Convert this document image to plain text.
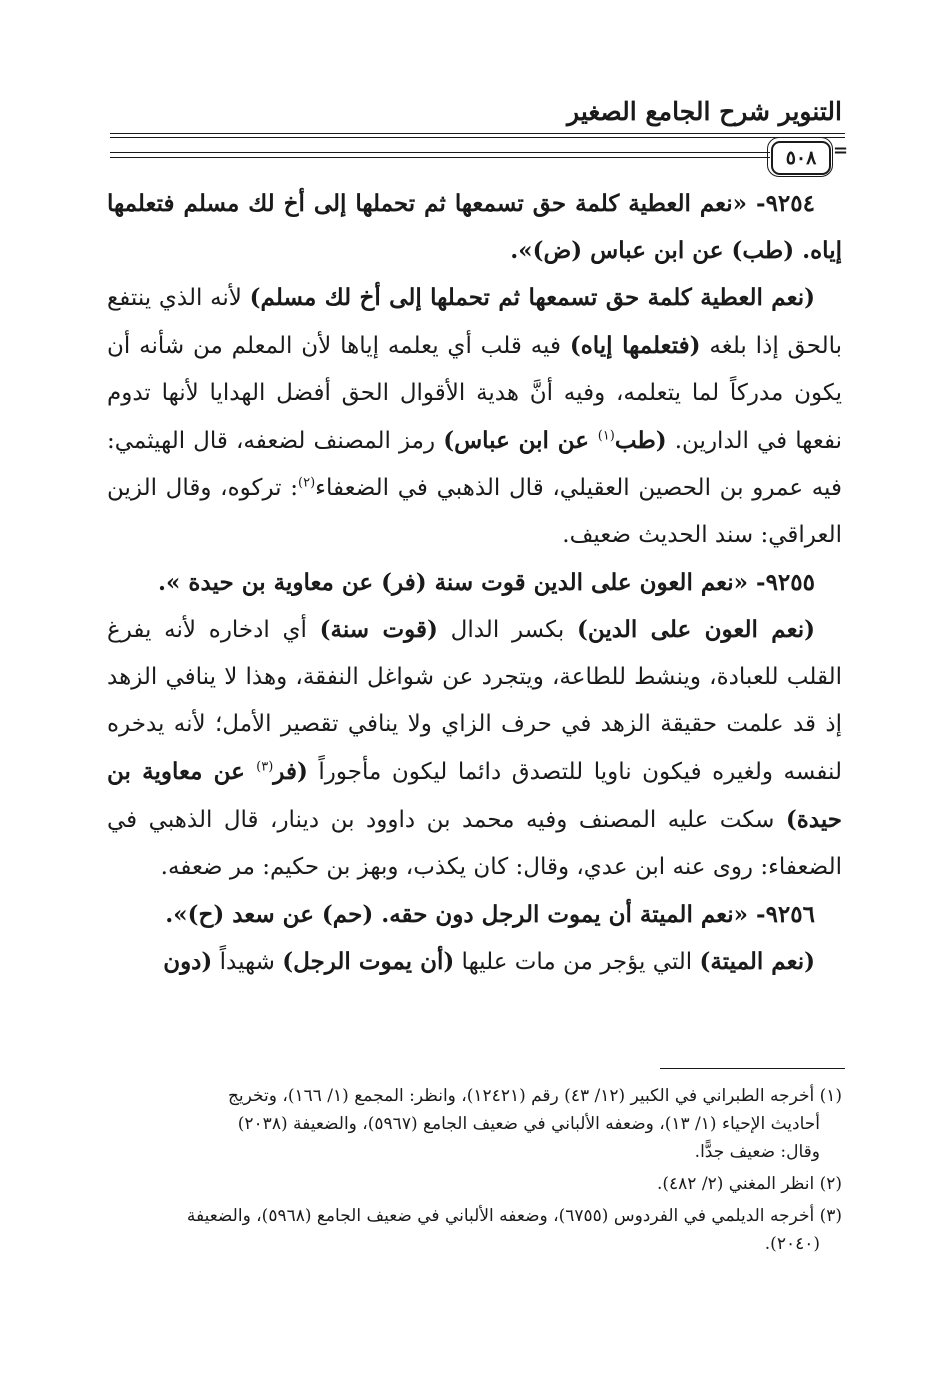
التنوير شرح الجامع الصغير
٥٠٨ =

٩٢٥٤- «نعم العطية كلمة حق تسمعها ثم تحملها إلى أخ لك مسلم فتعلمها إياه. (طب) عن ابن عباس (ض)».

(نعم العطية كلمة حق تسمعها ثم تحملها إلى أخ لك مسلم) لأنه الذي ينتفع بالحق إذا بلغه (فتعلمها إياه) فيه قلب أي يعلمه إياها لأن المعلم من شأنه أن يكون مدركاً لما يتعلمه، وفيه أنَّ هدية الأقوال الحق أفضل الهدايا لأنها تدوم نفعها في الدارين. (طب$^{(١)}$ عن ابن عباس) رمز المصنف لضعفه، قال الهيثمي: فيه عمرو بن الحصين العقيلي، قال الذهبي في الضعفاء$^{(٢)}$: تركوه، وقال الزين العراقي: سند الحديث ضعيف.

٩٢٥٥- «نعم العون على الدين قوت سنة (فر) عن معاوية بن حيدة ».

(نعم العون على الدين) بكسر الدال (قوت سنة) أي ادخاره لأنه يفرغ القلب للعبادة، وينشط للطاعة، ويتجرد عن شواغل النفقة، وهذا لا ينافي الزهد إذ قد علمت حقيقة الزهد في حرف الزاي ولا ينافي تقصير الأمل؛ لأنه يدخره لنفسه ولغيره فيكون ناويا للتصدق دائما ليكون مأجوراً (فر$^{(٣)}$ عن معاوية بن حيدة) سكت عليه المصنف وفيه محمد بن داوود بن دينار، قال الذهبي في الضعفاء: روى عنه ابن عدي، وقال: كان يكذب، وبهز بن حكيم: مر ضعفه.

٩٢٥٦- «نعم الميتة أن يموت الرجل دون حقه. (حم) عن سعد (ح)».

(نعم الميتة) التي يؤجر من مات عليها (أن يموت الرجل) شهيداً (دون

(١) أخرجه الطبراني في الكبير (١٢/ ٤٣) رقم (١٢٤٢١)، وانظر: المجمع (١/ ١٦٦)، وتخريج
أحاديث الإحياء (١/ ١٣)، وضعفه الألباني في ضعيف الجامع (٥٩٦٧)، والضعيفة (٢٠٣٨)
وقال: ضعيف جدًّا.

(٢) انظر المغني (٢/ ٤٨٢).

(٣) أخرجه الديلمي في الفردوس (٦٧٥٥)، وضعفه الألباني في ضعيف الجامع (٥٩٦٨)، والضعيفة
(٢٠٤٠).
